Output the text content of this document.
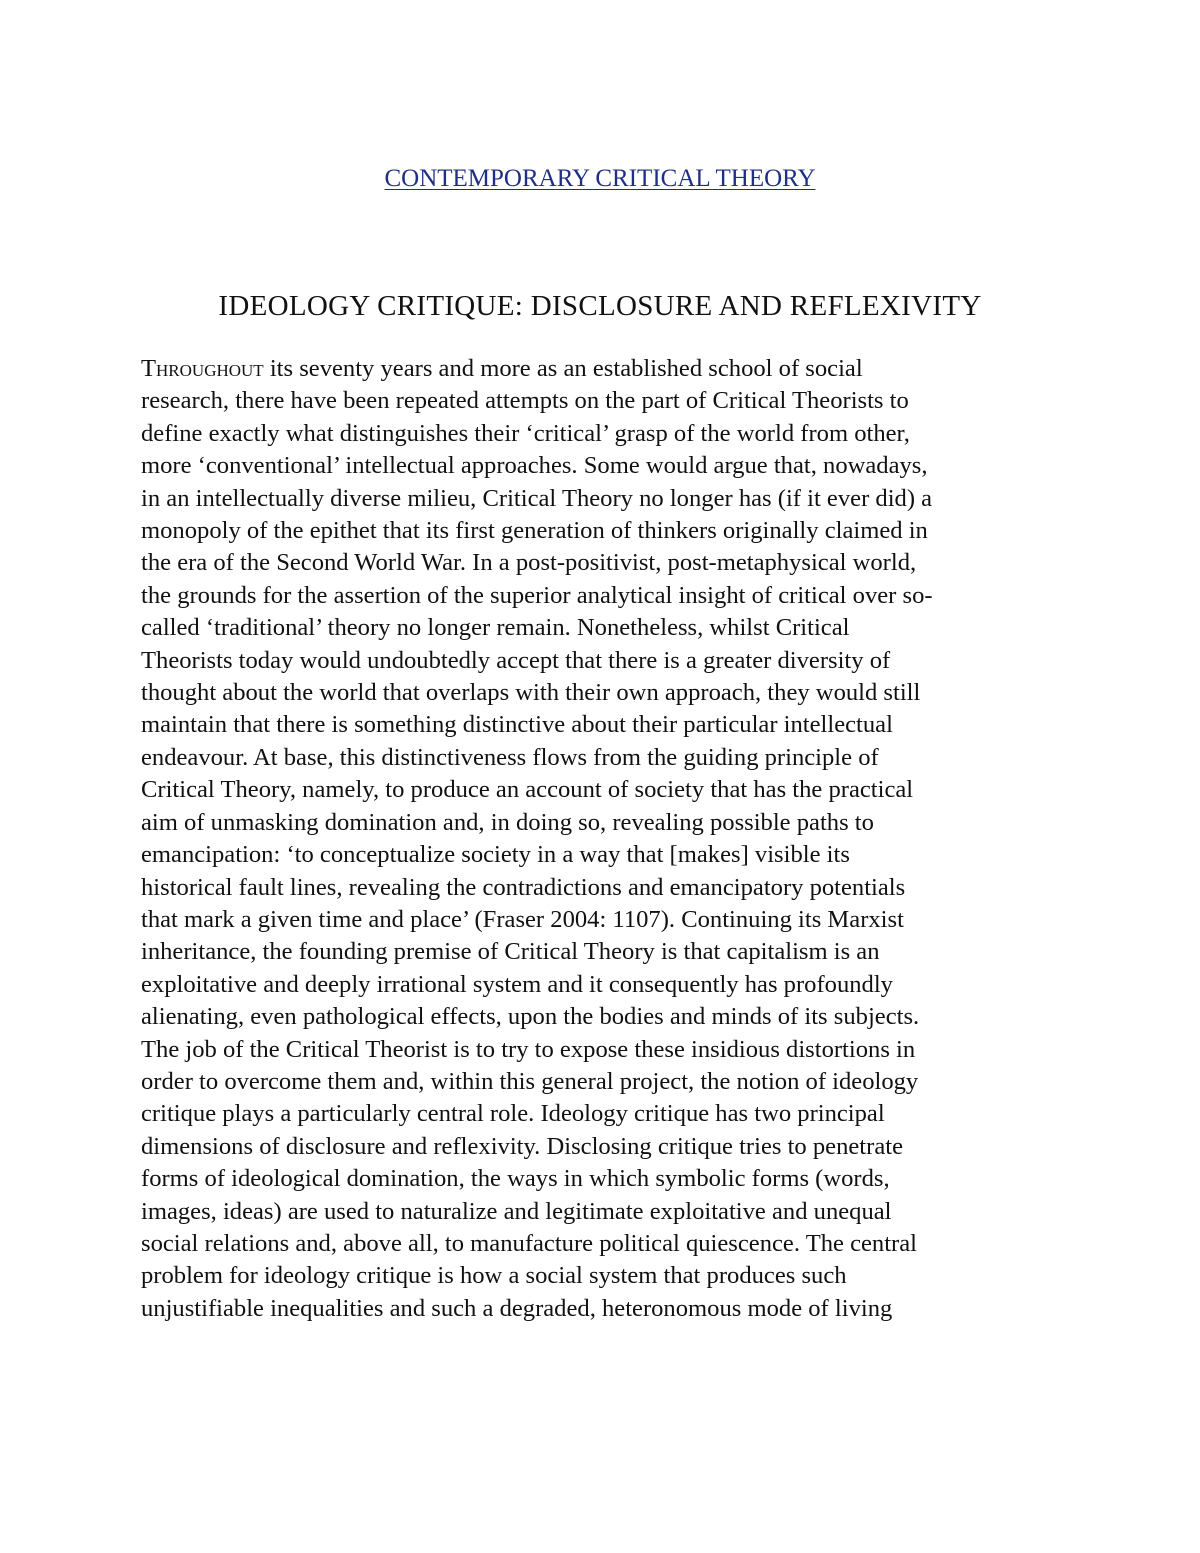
CONTEMPORARY CRITICAL THEORY
IDEOLOGY CRITIQUE: DISCLOSURE AND REFLEXIVITY
Throughout its seventy years and more as an established school of social
research, there have been repeated attempts on the part of Critical Theorists to
define exactly what distinguishes their ‘critical’ grasp of the world from other,
more ‘conventional’ intellectual approaches. Some would argue that, nowadays,
in an intellectually diverse milieu, Critical Theory no longer has (if it ever did) a
monopoly of the epithet that its first generation of thinkers originally claimed in
the era of the Second World War. In a post-positivist, post-metaphysical world,
the grounds for the assertion of the superior analytical insight of critical over so-
called ‘traditional’ theory no longer remain. Nonetheless, whilst Critical
Theorists today would undoubtedly accept that there is a greater diversity of
thought about the world that overlaps with their own approach, they would still
maintain that there is something distinctive about their particular intellectual
endeavour. At base, this distinctiveness flows from the guiding principle of
Critical Theory, namely, to produce an account of society that has the practical
aim of unmasking domination and, in doing so, revealing possible paths to
emancipation: ‘to conceptualize society in a way that [makes] visible its
historical fault lines, revealing the contradictions and emancipatory potentials
that mark a given time and place’ (Fraser 2004: 1107). Continuing its Marxist
inheritance, the founding premise of Critical Theory is that capitalism is an
exploitative and deeply irrational system and it consequently has profoundly
alienating, even pathological effects, upon the bodies and minds of its subjects.
The job of the Critical Theorist is to try to expose these insidious distortions in
order to overcome them and, within this general project, the notion of ideology
critique plays a particularly central role. Ideology critique has two principal
dimensions of disclosure and reflexivity. Disclosing critique tries to penetrate
forms of ideological domination, the ways in which symbolic forms (words,
images, ideas) are used to naturalize and legitimate exploitative and unequal
social relations and, above all, to manufacture political quiescence. The central
problem for ideology critique is how a social system that produces such
unjustifiable inequalities and such a degraded, heteronomous mode of living
